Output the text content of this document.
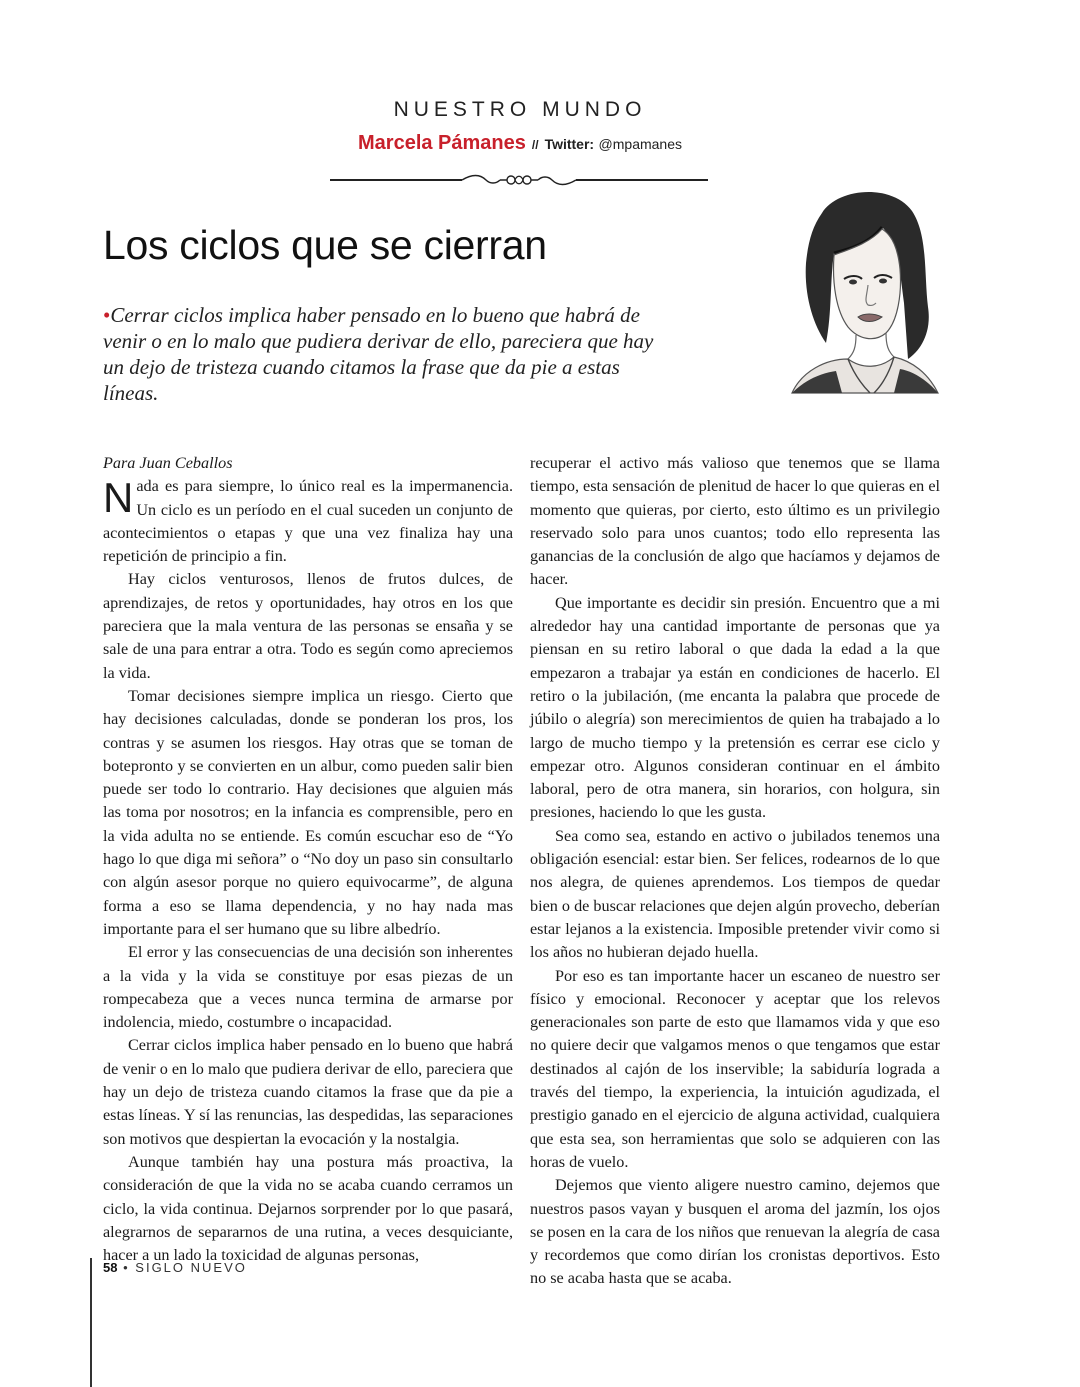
NUESTRO MUNDO
Marcela Pámanes // Twitter: @mpamanes
Los ciclos que se cierran

•Cerrar ciclos implica haber pensado en lo bueno que habrá de venir o en lo malo que pudiera derivar de ello, pareciera que hay un dejo de tristeza cuando citamos la frase que da pie a estas líneas.

Para Juan Ceballos

Nada es para siempre, lo único real es la impermanencia. Un ciclo es un período en el cual suceden un conjunto de acontecimientos o etapas y que una vez finaliza hay una repetición de principio a fin.

Hay ciclos venturosos, llenos de frutos dulces, de aprendizajes, de retos y oportunidades, hay otros en los que pareciera que la mala ventura de las personas se ensaña y se sale de una para entrar a otra. Todo es según como apreciemos la vida.

Tomar decisiones siempre implica un riesgo. Cierto que hay decisiones calculadas, donde se ponderan los pros, los contras y se asumen los riesgos. Hay otras que se toman de botepronto y se convierten en un albur, como pueden salir bien puede ser todo lo contrario. Hay decisiones que alguien más las toma por nosotros; en la infancia es comprensible, pero en la vida adulta no se entiende. Es común escuchar eso de “Yo hago lo que diga mi señora” o “No doy un paso sin consultarlo con algún asesor porque no quiero equivocarme”, de alguna forma a eso se llama dependencia, y no hay nada mas importante para el ser humano que su libre albedrío.

El error y las consecuencias de una decisión son inherentes a la vida y la vida se constituye por esas piezas de un rompecabeza que a veces nunca termina de armarse por indolencia, miedo, costumbre o incapacidad.

Cerrar ciclos implica haber pensado en lo bueno que habrá de venir o en lo malo que pudiera derivar de ello, pareciera que hay un dejo de tristeza cuando citamos la frase que da pie a estas líneas. Y sí las renuncias, las despedidas, las separaciones son motivos que despiertan la evocación y la nostalgia.

Aunque también hay una postura más proactiva, la consideración de que la vida no se acaba cuando cerramos un ciclo, la vida continua. Dejarnos sorprender por lo que pasará, alegrarnos de separarnos de una rutina, a veces desquiciante, hacer a un lado la toxicidad de algunas personas,

recuperar el activo más valioso que tenemos que se llama tiempo, esta sensación de plenitud de hacer lo que quieras en el momento que quieras, por cierto, esto último es un privilegio reservado solo para unos cuantos; todo ello representa las ganancias de la conclusión de algo que hacíamos y dejamos de hacer.

Que importante es decidir sin presión. Encuentro que a mi alrededor hay una cantidad importante de personas que ya piensan en su retiro laboral o que dada la edad a la que empezaron a trabajar ya están en condiciones de hacerlo. El retiro o la jubilación, (me encanta la palabra que procede de júbilo o alegría) son merecimientos de quien ha trabajado a lo largo de mucho tiempo y la pretensión es cerrar ese ciclo y empezar otro. Algunos consideran continuar en el ámbito laboral, pero de otra manera, sin horarios, con holgura, sin presiones, haciendo lo que les gusta.

Sea como sea, estando en activo o jubilados tenemos una obligación esencial: estar bien. Ser felices, rodearnos de lo que nos alegra, de quienes aprendemos. Los tiempos de quedar bien o de buscar relaciones que dejen algún provecho, deberían estar lejanos a la existencia. Imposible pretender vivir como si los años no hubieran dejado huella.

Por eso es tan importante hacer un escaneo de nuestro ser físico y emocional. Reconocer y aceptar que los relevos generacionales son parte de esto que llamamos vida y que eso no quiere decir que valgamos menos o que tengamos que estar destinados al cajón de los inservible; la sabiduría lograda a través del tiempo, la experiencia, la intuición agudizada, el prestigio ganado en el ejercicio de alguna actividad, cualquiera que esta sea, son herramientas que solo se adquieren con las horas de vuelo.

Dejemos que viento aligere nuestro camino, dejemos que nuestros pasos vayan y busquen el aroma del jazmín, los ojos se posen en la cara de los niños que renuevan la alegría de casa y recordemos que como dirían los cronistas deportivos. Esto no se acaba hasta que se acaba.

58 • SIGLO NUEVO
